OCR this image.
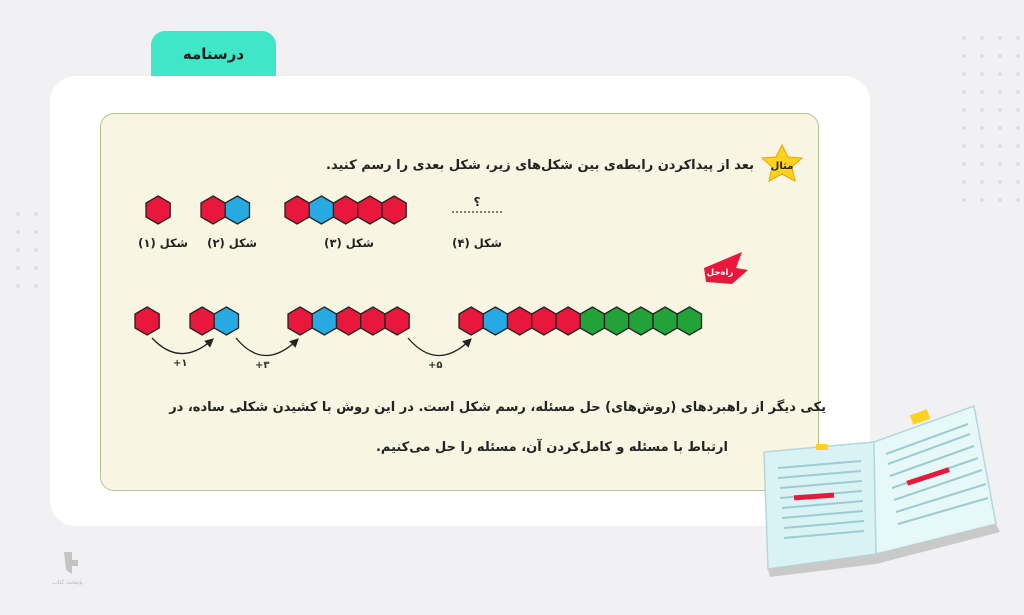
درسنامه
مثال
راه‌حل
بعد از پیداکردن رابطه‌ی بین شکل‌های زیر، شکل بعدی را رسم کنید.
؟
شکل (۱) شکل (۲)	شکل (۳)	شکل (۴)
+۱	+۳	+۵
یکی دیگر از راهبردهای (روش‌های) حل مسئله، رسم شکل است. در این روش با کشیدن شکلی ساده، در
ارتباط با مسئله و کامل‌کردن آن، مسئله را حل می‌کنیم.
پایتخت کتاب
